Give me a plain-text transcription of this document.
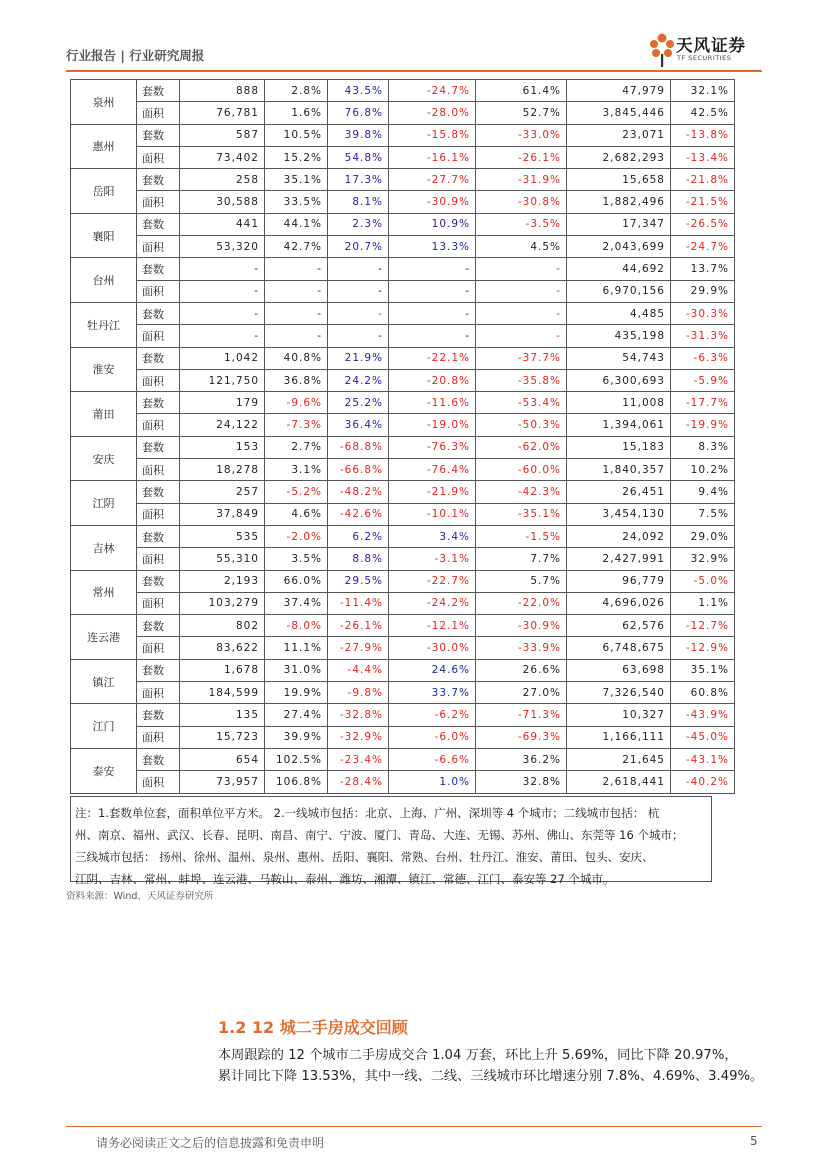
行业报告 | 行业研究周报
天风证券
TF SECURITIES
泉州	套数	888	2.8%	43.5%	-24.7%	61.4%	47,979	32.1%
	面积	76,781	1.6%	76.8%	-28.0%	52.7%	3,845,446	42.5%
惠州	套数	587	10.5%	39.8%	-15.8%	-33.0%	23,071	-13.8%
	面积	73,402	15.2%	54.8%	-16.1%	-26.1%	2,682,293	-13.4%
岳阳	套数	258	35.1%	17.3%	-27.7%	-31.9%	15,658	-21.8%
	面积	30,588	33.5%	8.1%	-30.9%	-30.8%	1,882,496	-21.5%
襄阳	套数	441	44.1%	2.3%	10.9%	-3.5%	17,347	-26.5%
	面积	53,320	42.7%	20.7%	13.3%	4.5%	2,043,699	-24.7%
台州	套数	-	-	-	-	-	44,692	13.7%
	面积	-	-	-	-	-	6,970,156	29.9%
牡丹江	套数	-	-	-	-	-	4,485	-30.3%
	面积	-	-	-	-	-	435,198	-31.3%
淮安	套数	1,042	40.8%	21.9%	-22.1%	-37.7%	54,743	-6.3%
	面积	121,750	36.8%	24.2%	-20.8%	-35.8%	6,300,693	-5.9%
莆田	套数	179	-9.6%	25.2%	-11.6%	-53.4%	11,008	-17.7%
	面积	24,122	-7.3%	36.4%	-19.0%	-50.3%	1,394,061	-19.9%
安庆	套数	153	2.7%	-68.8%	-76.3%	-62.0%	15,183	8.3%
	面积	18,278	3.1%	-66.8%	-76.4%	-60.0%	1,840,357	10.2%
江阴	套数	257	-5.2%	-48.2%	-21.9%	-42.3%	26,451	9.4%
	面积	37,849	4.6%	-42.6%	-10.1%	-35.1%	3,454,130	7.5%
吉林	套数	535	-2.0%	6.2%	3.4%	-1.5%	24,092	29.0%
	面积	55,310	3.5%	8.8%	-3.1%	7.7%	2,427,991	32.9%
常州	套数	2,193	66.0%	29.5%	-22.7%	5.7%	96,779	-5.0%
	面积	103,279	37.4%	-11.4%	-24.2%	-22.0%	4,696,026	1.1%
连云港	套数	802	-8.0%	-26.1%	-12.1%	-30.9%	62,576	-12.7%
	面积	83,622	11.1%	-27.9%	-30.0%	-33.9%	6,748,675	-12.9%
镇江	套数	1,678	31.0%	-4.4%	24.6%	26.6%	63,698	35.1%
	面积	184,599	19.9%	-9.8%	33.7%	27.0%	7,326,540	60.8%
江门	套数	135	27.4%	-32.8%	-6.2%	-71.3%	10,327	-43.9%
	面积	15,723	39.9%	-32.9%	-6.0%	-69.3%	1,166,111	-45.0%
泰安	套数	654	102.5%	-23.4%	-6.6%	36.2%	21,645	-43.1%
	面积	73,957	106.8%	-28.4%	1.0%	32.8%	2,618,441	-40.2%
注：1.套数单位套，面积单位平方米。 2.一线城市包括：北京、上海、广州、深圳等 4 个城市；二线城市包括： 杭
州、南京、福州、武汉、长春、昆明、南昌、南宁、宁波、厦门、青岛、大连、无锡、苏州、佛山、东莞等 16 个城市；
三线城市包括： 扬州、徐州、温州、泉州、惠州、岳阳、襄阳、常熟、台州、牡丹江、淮安、莆田、包头、安庆、
江阴、吉林、常州、蚌埠、连云港、马鞍山、泰州、潍坊、湘潭、镇江、常德、江门、泰安等 27 个城市。
资料来源：Wind、天风证券研究所
1.2 12 城二手房成交回顾
本周跟踪的 12 个城市二手房成交合 1.04 万套，环比上升 5.69%，同比下降 20.97%，
累计同比下降 13.53%，其中一线、二线、三线城市环比增速分别 7.8%、4.69%、3.49%。
请务必阅读正文之后的信息披露和免责申明	5
